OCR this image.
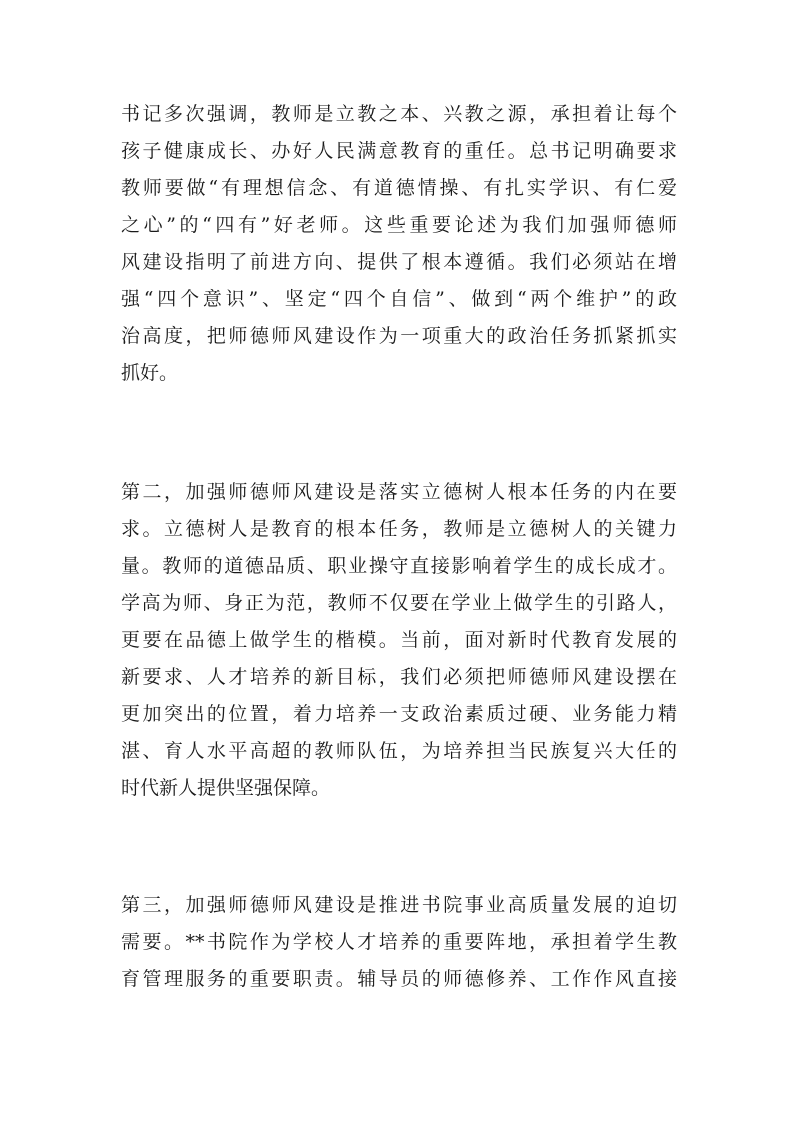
书记多次强调，教师是立教之本、兴教之源，承担着让每个
孩子健康成长、办好人民满意教育的重任。总书记明确要求
教师要做“有理想信念、有道德情操、有扎实学识、有仁爱
之心”的“四有”好老师。这些重要论述为我们加强师德师
风建设指明了前进方向、提供了根本遵循。我们必须站在增
强“四个意识”、坚定“四个自信”、做到“两个维护”的政
治高度，把师德师风建设作为一项重大的政治任务抓紧抓实
抓好。
第二，加强师德师风建设是落实立德树人根本任务的内在要
求。立德树人是教育的根本任务，教师是立德树人的关键力
量。教师的道德品质、职业操守直接影响着学生的成长成才。
学高为师、身正为范，教师不仅要在学业上做学生的引路人，
更要在品德上做学生的楷模。当前，面对新时代教育发展的
新要求、人才培养的新目标，我们必须把师德师风建设摆在
更加突出的位置，着力培养一支政治素质过硬、业务能力精
湛、育人水平高超的教师队伍，为培养担当民族复兴大任的
时代新人提供坚强保障。
第三，加强师德师风建设是推进书院事业高质量发展的迫切
需要。**书院作为学校人才培养的重要阵地，承担着学生教
育管理服务的重要职责。辅导员的师德修养、工作作风直接
